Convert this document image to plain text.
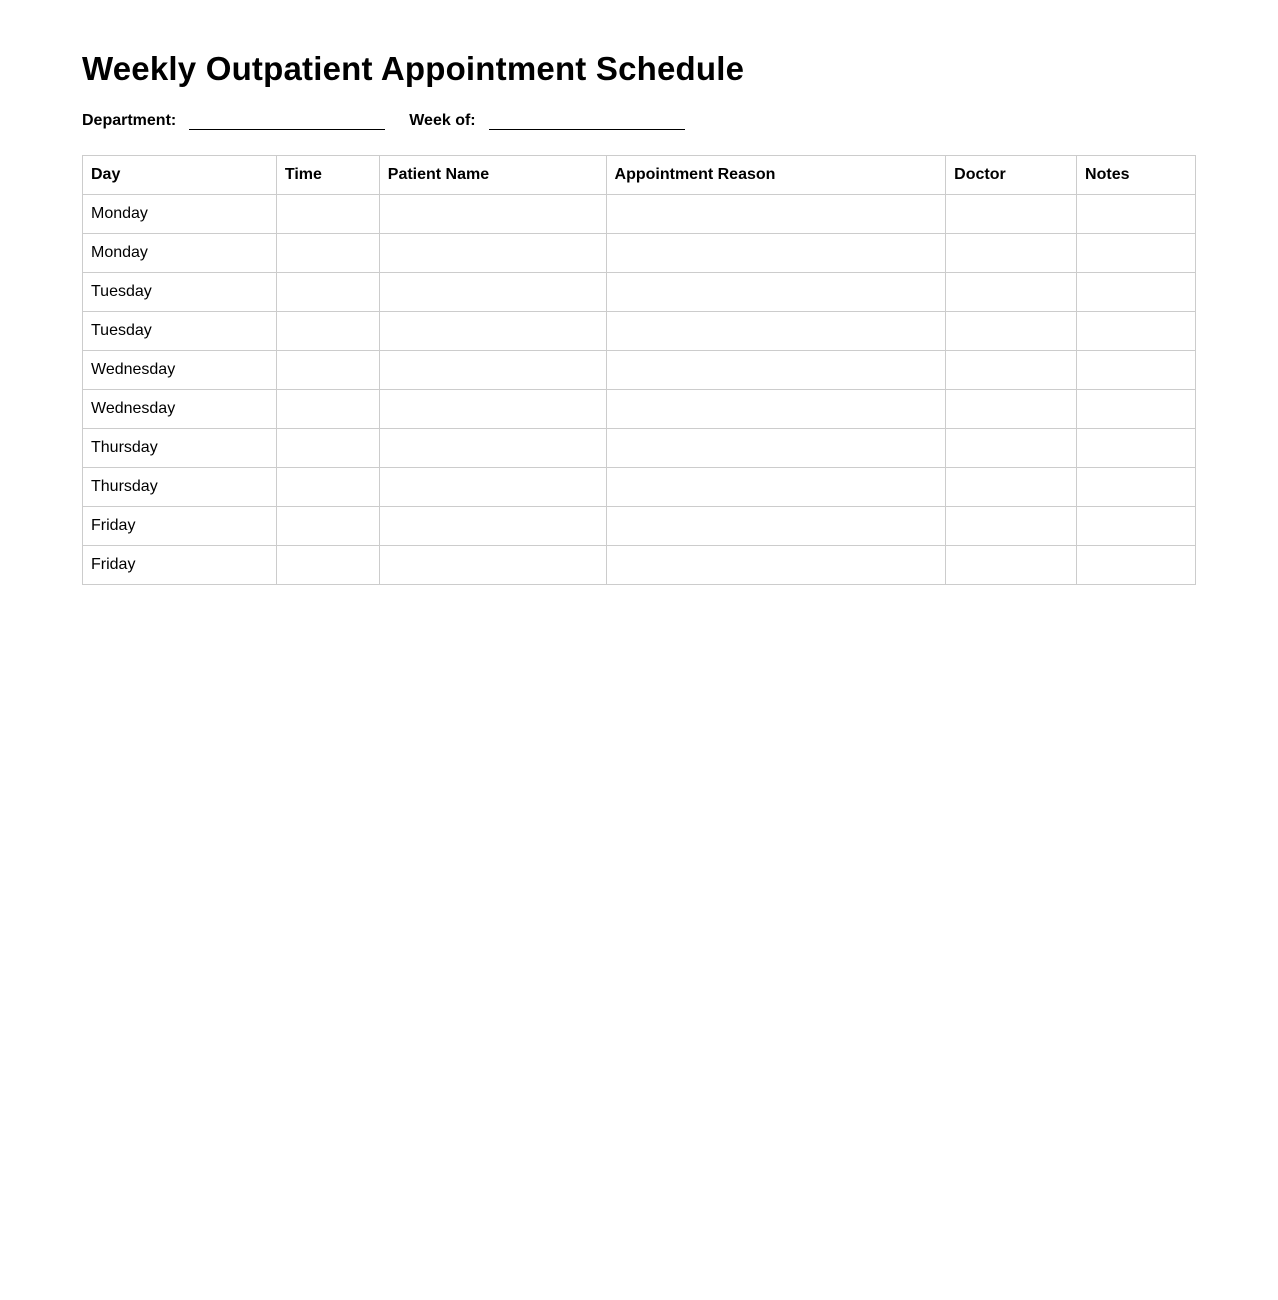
Weekly Outpatient Appointment Schedule
Department:	Week of:
Day	Time	Patient Name	Appointment Reason	Doctor	Notes
Monday					
Monday					
Tuesday					
Tuesday					
Wednesday					
Wednesday					
Thursday					
Thursday					
Friday					
Friday					
